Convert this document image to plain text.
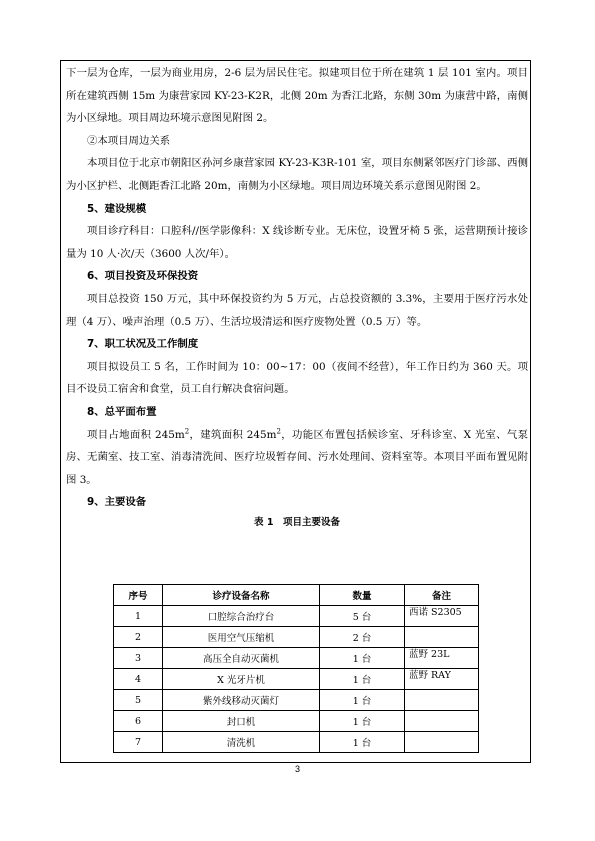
下一层为仓库，一层为商业用房，2-6 层为居民住宅。拟建项目位于所在建筑 1 层 101 室内。项目所在建筑西侧 15m 为康营家园 KY-23-K2R，北侧 20m 为香江北路，东侧 30m 为康营中路，南侧为小区绿地。项目周边环境示意图见附图 2。

②本项目周边关系

本项目位于北京市朝阳区孙河乡康营家园 KY-23-K3R-101 室，项目东侧紧邻医疗门诊部、西侧为小区护栏、北侧距香江北路 20m，南侧为小区绿地。项目周边环境关系示意图见附图 2。

5、建设规模

项目诊疗科目：口腔科//医学影像科：X 线诊断专业。无床位，设置牙椅 5 张，运营期预计接诊量为 10 人·次/天（3600 人次/年）。

6、项目投资及环保投资

项目总投资 150 万元，其中环保投资约为 5 万元，占总投资额的 3.3%，主要用于医疗污水处理（4 万）、噪声治理（0.5 万）、生活垃圾清运和医疗废物处置（0.5 万）等。

7、职工状况及工作制度

项目拟设员工 5 名，工作时间为 10：00~17：00（夜间不经营），年工作日约为 360 天。项目不设员工宿舍和食堂，员工自行解决食宿问题。

8、总平面布置

项目占地面积 $245m^2$，建筑面积 $245m^2$，功能区布置包括候诊室、牙科诊室、X 光室、气泵房、无菌室、技工室、消毒清洗间、医疗垃圾暂存间、污水处理间、资料室等。本项目平面布置见附图 3。

9、主要设备

表 1　项目主要设备

序号	诊疗设备名称	数量	备注
1	口腔综合治疗台	5 台	西诺 S2305
2	医用空气压缩机	2 台	
3	高压全自动灭菌机	1 台	蓝野 23L
4	X 光牙片机	1 台	蓝野 RAY
5	紫外线移动灭菌灯	1 台	
6	封口机	1 台	
7	清洗机	1 台	
3
